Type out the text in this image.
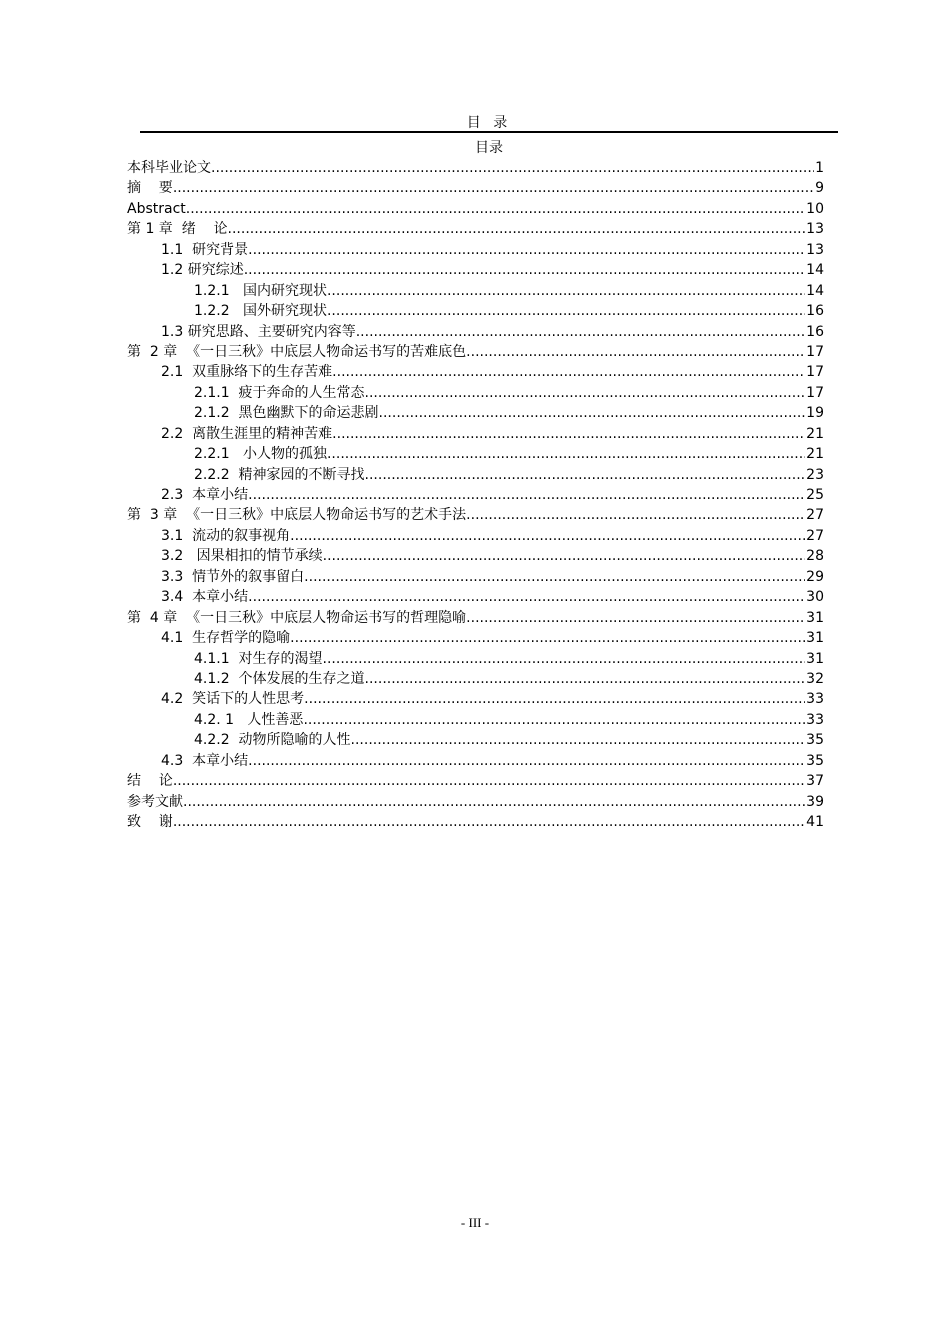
目 录
目录
本科毕业论文 .....	1
摘    要 .....	9
Abstract .....	10
第 1 章  绪    论 .....	13
1.1  研究背景 .....	13
1.2 研究综述 .....	14
1.2.1   国内研究现状 .....	14
1.2.2   国外研究现状 .....	16
1.3 研究思路、主要研究内容等 .....	16
第  2 章  《一日三秋》中底层人物命运书写的苦难底色 .....	17
2.1  双重脉络下的生存苦难 .....	17
2.1.1  疲于奔命的人生常态 .....	17
2.1.2  黑色幽默下的命运悲剧 .....	19
2.2  离散生涯里的精神苦难 .....	21
2.2.1   小人物的孤独 .....	21
2.2.2  精神家园的不断寻找 .....	23
2.3  本章小结 .....	25
第  3 章  《一日三秋》中底层人物命运书写的艺术手法 .....	27
3.1  流动的叙事视角 .....	27
3.2   因果相扣的情节承续 .....	28
3.3  情节外的叙事留白 .....	29
3.4  本章小结 .....	30
第  4 章  《一日三秋》中底层人物命运书写的哲理隐喻 .....	31
4.1  生存哲学的隐喻 .....	31
4.1.1  对生存的渴望 .....	31
4.1.2  个体发展的生存之道 .....	32
4.2  笑话下的人性思考 .....	33
4.2. 1   人性善恶 .....	33
4.2.2  动物所隐喻的人性 .....	35
4.3  本章小结 .....	35
结    论 .....	37
参考文献 .....	39
致    谢 .....	41
- III -
